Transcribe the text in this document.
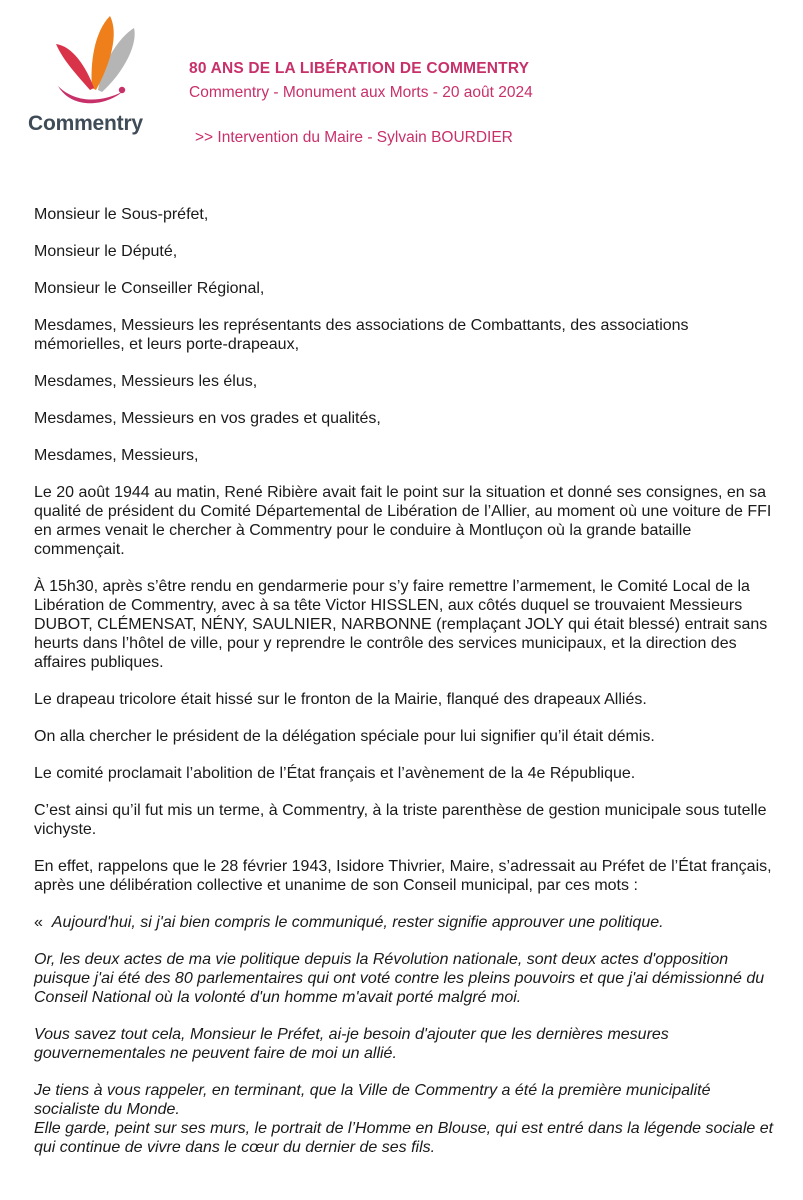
Commentry
80 ANS DE LA LIBÉRATION DE COMMENTRY
Commentry - Monument aux Morts - 20 août 2024
>> Intervention du Maire - Sylvain BOURDIER

Monsieur le Sous-préfet,

Monsieur le Député,

Monsieur le Conseiller Régional,

Mesdames, Messieurs les représentants des associations de Combattants, des associations mémorielles, et leurs porte-drapeaux,

Mesdames, Messieurs les élus,

Mesdames, Messieurs en vos grades et qualités,

Mesdames, Messieurs,

Le 20 août 1944 au matin, René Ribière avait fait le point sur la situation et donné ses consignes, en sa qualité de président du Comité Départemental de Libération de l’Allier, au moment où une voiture de FFI en armes venait le chercher à Commentry pour le conduire à Montluçon où la grande bataille commençait.

À 15h30, après s’être rendu en gendarmerie pour s’y faire remettre l’armement, le Comité Local de la Libération de Commentry, avec à sa tête Victor HISSLEN, aux côtés duquel se trouvaient Messieurs DUBOT, CLÉMENSAT, NÉNY, SAULNIER, NARBONNE (remplaçant JOLY qui était blessé) entrait sans heurts dans l’hôtel de ville, pour y reprendre le contrôle des services municipaux, et la direction des affaires publiques.

Le drapeau tricolore était hissé sur le fronton de la Mairie, flanqué des drapeaux Alliés.

On alla chercher le président de la délégation spéciale pour lui signifier qu’il était démis.

Le comité proclamait l’abolition de l’État français et l’avènement de la 4e République.

C’est ainsi qu’il fut mis un terme, à Commentry, à la triste parenthèse de gestion municipale sous tutelle vichyste.

En effet, rappelons que le 28 février 1943, Isidore Thivrier, Maire, s’adressait au Préfet de l’État français, après une délibération collective et unanime de son Conseil municipal, par ces mots :

« Aujourd'hui, si j'ai bien compris le communiqué, rester signifie approuver une politique.

Or, les deux actes de ma vie politique depuis la Révolution nationale, sont deux actes d'opposition puisque j'ai été des 80 parlementaires qui ont voté contre les pleins pouvoirs et que j'ai démissionné du Conseil National où la volonté d'un homme m'avait porté malgré moi.

Vous savez tout cela, Monsieur le Préfet, ai-je besoin d'ajouter que les dernières mesures gouvernementales ne peuvent faire de moi un allié.

Je tiens à vous rappeler, en terminant, que la Ville de Commentry a été la première municipalité socialiste du Monde.

Elle garde, peint sur ses murs, le portrait de l’Homme en Blouse, qui est entré dans la légende sociale et qui continue de vivre dans le cœur du dernier de ses fils.
